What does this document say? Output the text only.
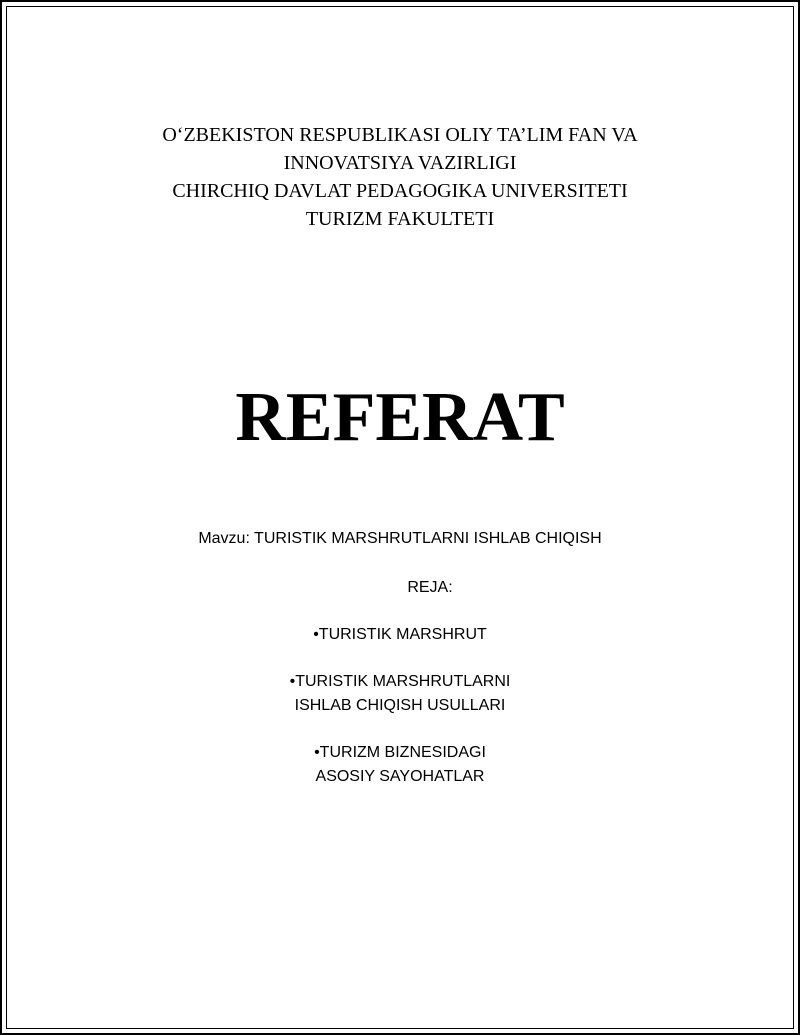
O‘ZBEKISTON RESPUBLIKASI OLIY TA’LIM FAN VA
INNOVATSIYA VAZIRLIGI
CHIRCHIQ DAVLAT PEDAGOGIKA UNIVERSITETI
TURIZM FAKULTETI
REFERAT
Mavzu: TURISTIK MARSHRUTLARNI ISHLAB CHIQISH
REJA:
•TURISTIK MARSHRUT
•TURISTIK MARSHRUTLARNI
ISHLAB CHIQISH USULLARI
•TURIZM BIZNESIDAGI
ASOSIY SAYOHATLAR
